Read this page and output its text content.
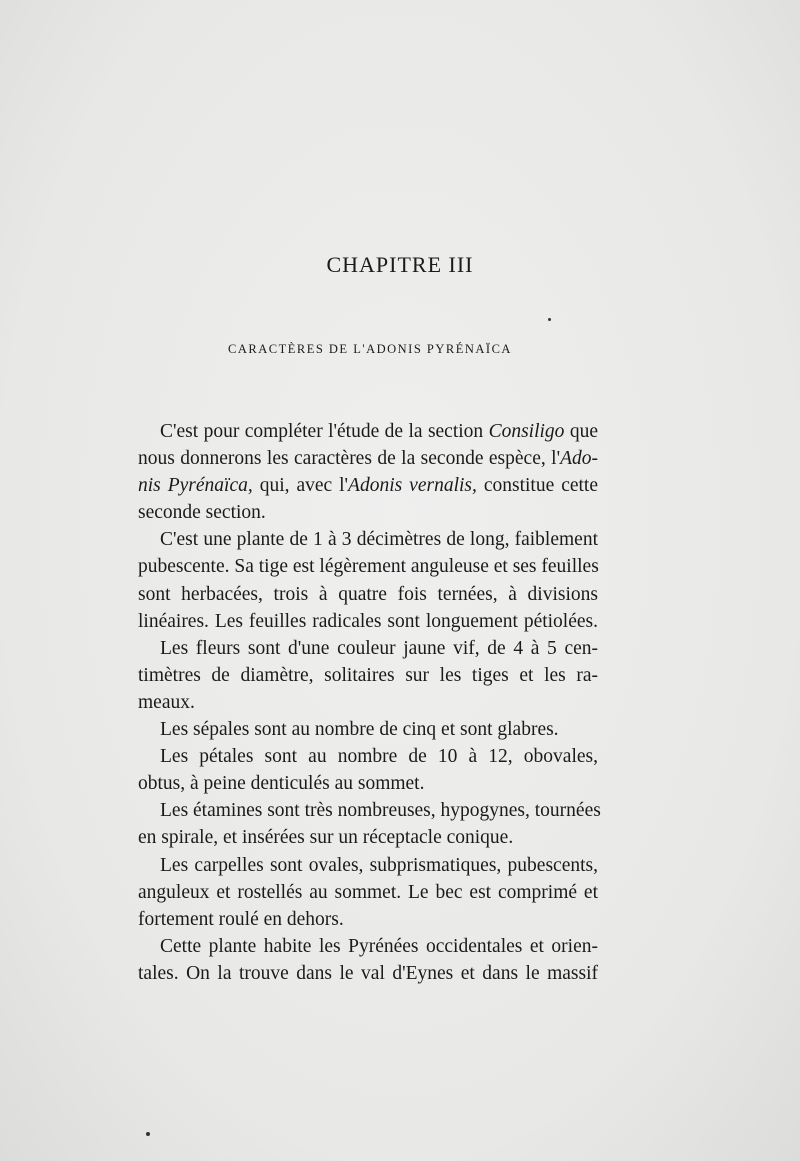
CHAPITRE III
CARACTÈRES DE L'ADONIS PYRÉNAÏCA
C'est pour compléter l'étude de la section Consiligo que
nous donnerons les caractères de la seconde espèce, l'Ado-
nis Pyrénaïca, qui, avec l'Adonis vernalis, constitue cette
seconde section.
C'est une plante de 1 à 3 décimètres de long, faiblement
pubescente. Sa tige est légèrement anguleuse et ses feuilles
sont herbacées, trois à quatre fois ternées, à divisions
linéaires. Les feuilles radicales sont longuement pétiolées.
Les fleurs sont d'une couleur jaune vif, de 4 à 5 cen-
timètres de diamètre, solitaires sur les tiges et les ra-
meaux.
Les sépales sont au nombre de cinq et sont glabres.
Les pétales sont au nombre de 10 à 12, obovales,
obtus, à peine denticulés au sommet.
Les étamines sont très nombreuses, hypogynes, tournées
en spirale, et insérées sur un réceptacle conique.
Les carpelles sont ovales, subprismatiques, pubescents,
anguleux et rostellés au sommet. Le bec est comprimé et
fortement roulé en dehors.
Cette plante habite les Pyrénées occidentales et orien-
tales. On la trouve dans le val d'Eynes et dans le massif
